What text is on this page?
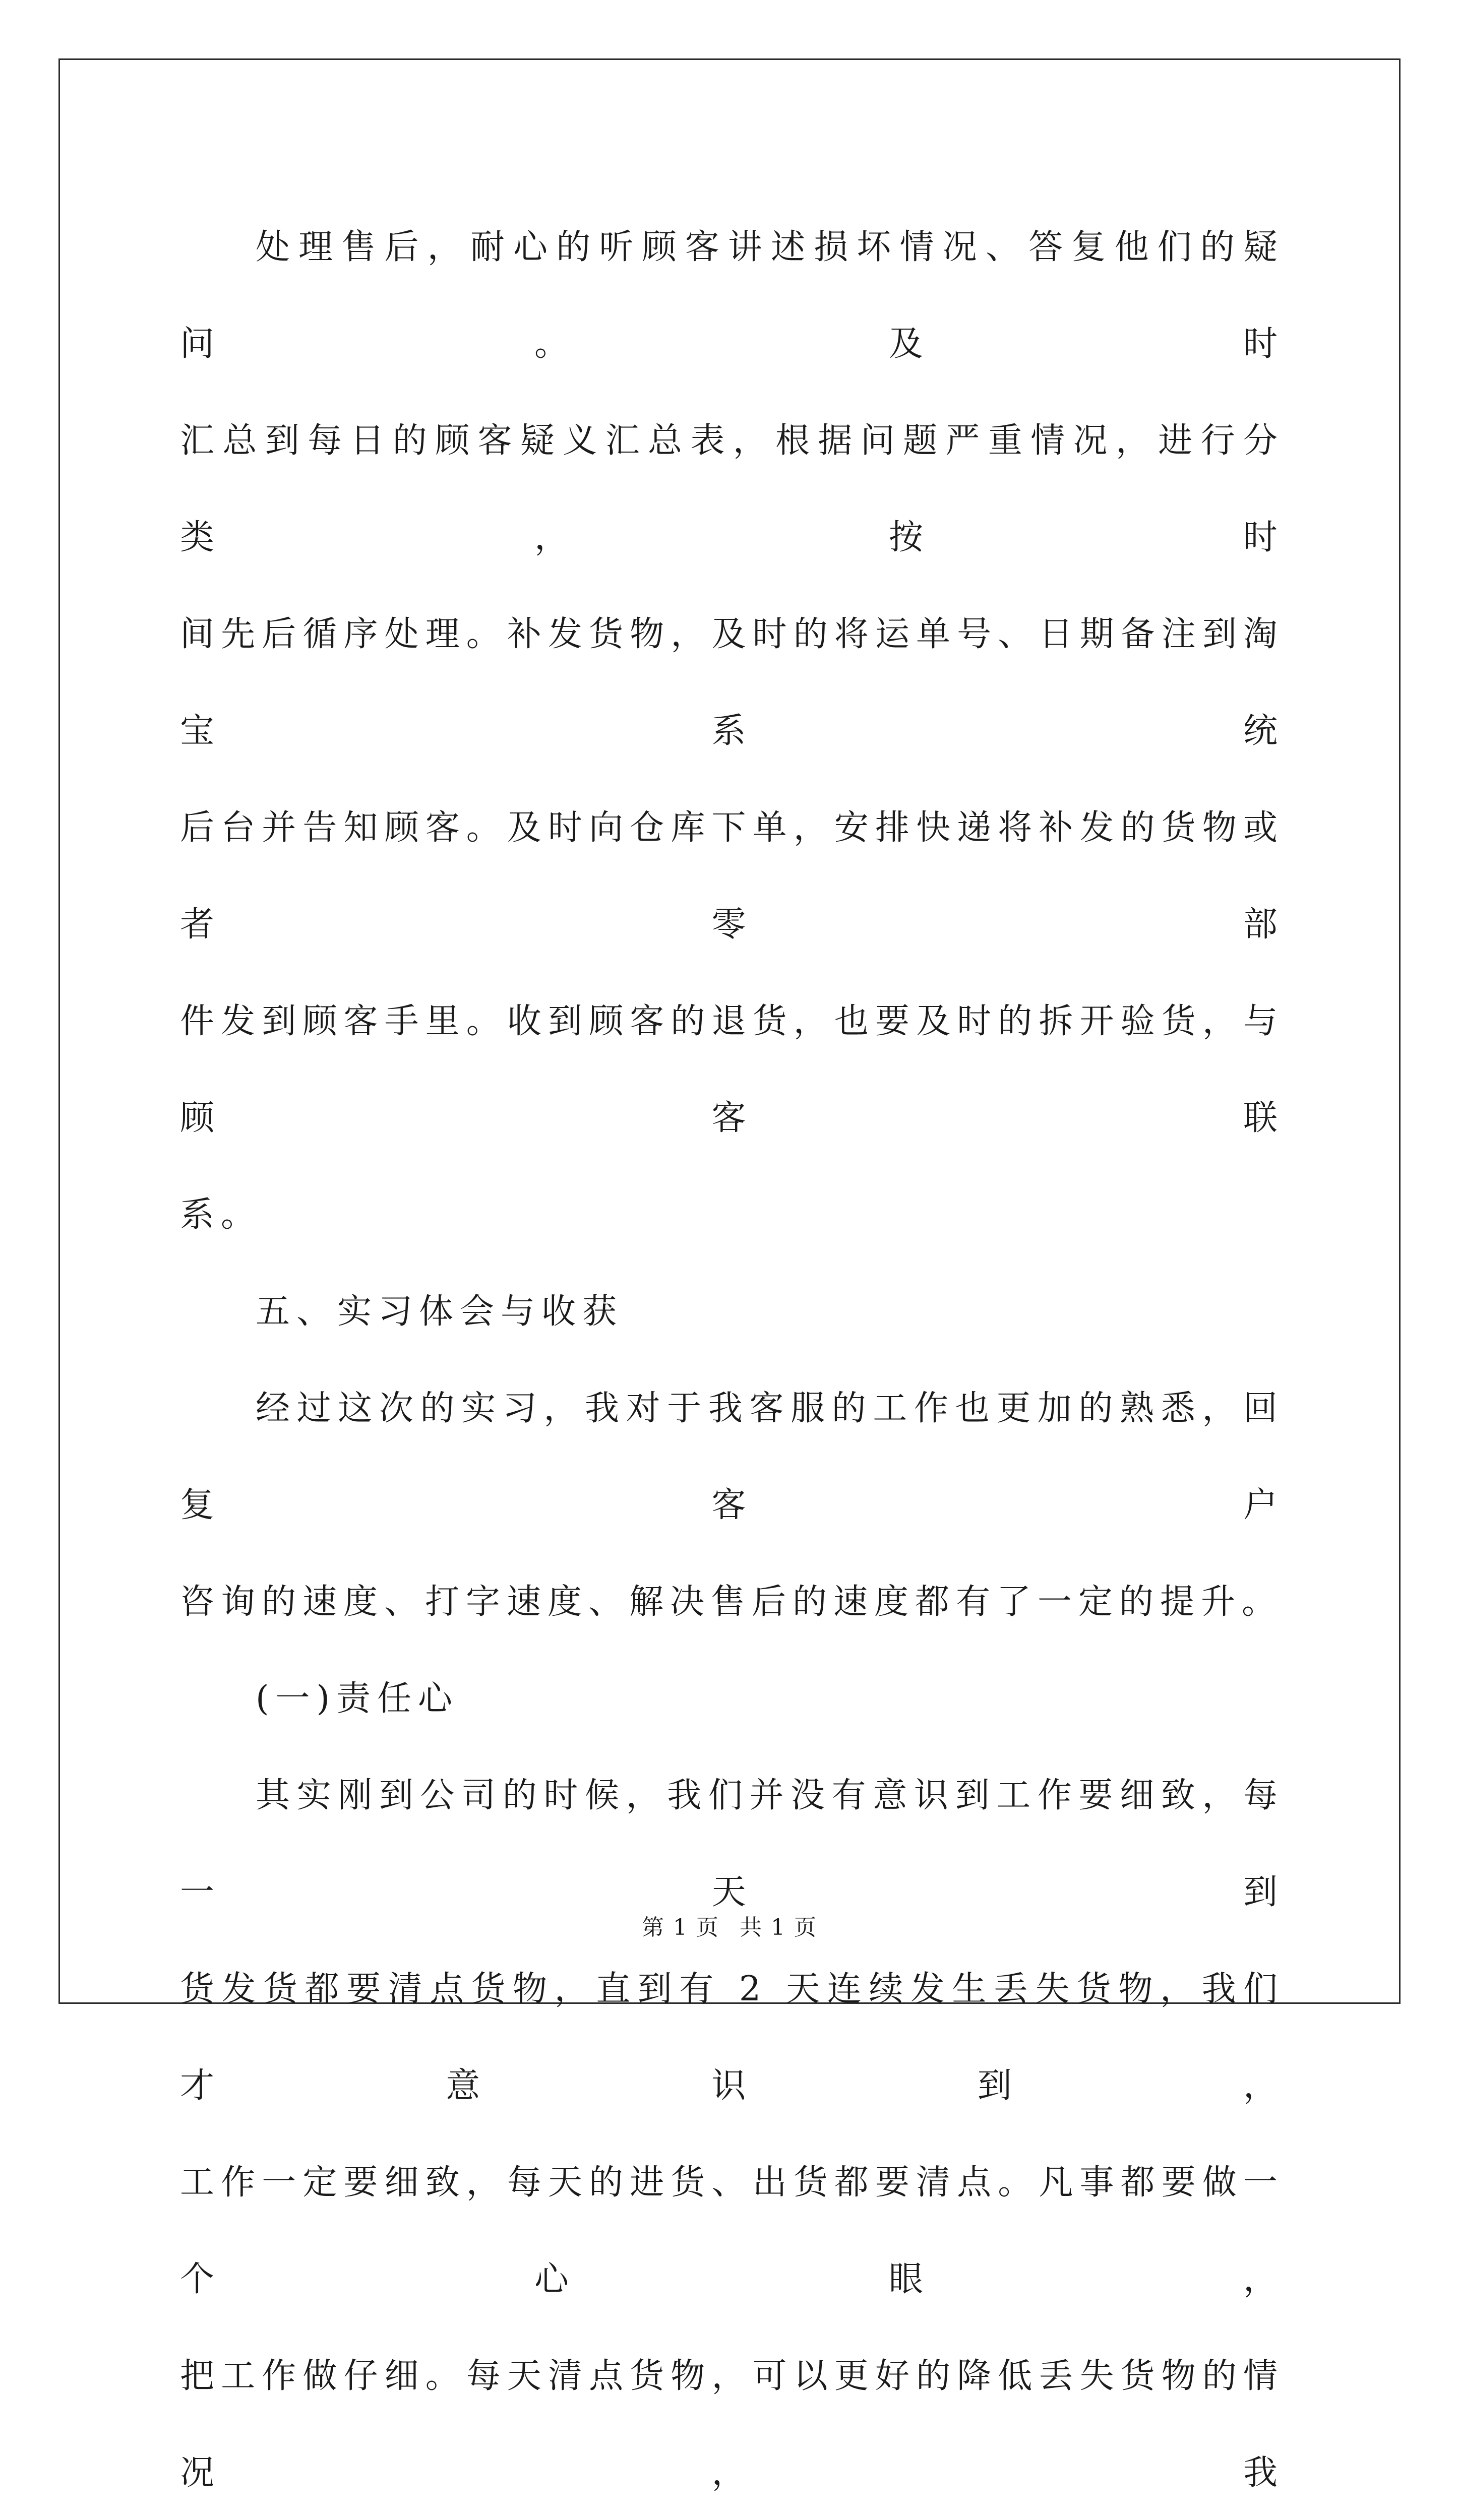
处理售后，耐心的听顾客讲述损坏情况、答复他们的疑问。及时
汇总到每日的顾客疑义汇总表，根据问题严重情况，进行分类，按时
间先后循序处理。补发货物，及时的将运单号、日期备注到淘宝系统
后台并告知顾客。及时向仓库下单，安排快递将补发的货物或者零部
件发到顾客手里。收到顾客的退货，也要及时的拆开验货，与顾客联
系。
五、实习体会与收获
经过这次的实习，我对于我客服的工作也更加的熟悉，回复客户
咨询的速度、打字速度、解决售后的速度都有了一定的提升。
(一)责任心
其实刚到公司的时候，我们并没有意识到工作要细致，每一天到
货发货都要清点货物，直到有 2 天连续发生丢失货物，我们才意识到，
工作一定要细致，每天的进货、出货都要清点。凡事都要做一个心眼，
把工作做仔细。每天清点货物，可以更好的降低丢失货物的情况，我
第 1 页 共 1 页
